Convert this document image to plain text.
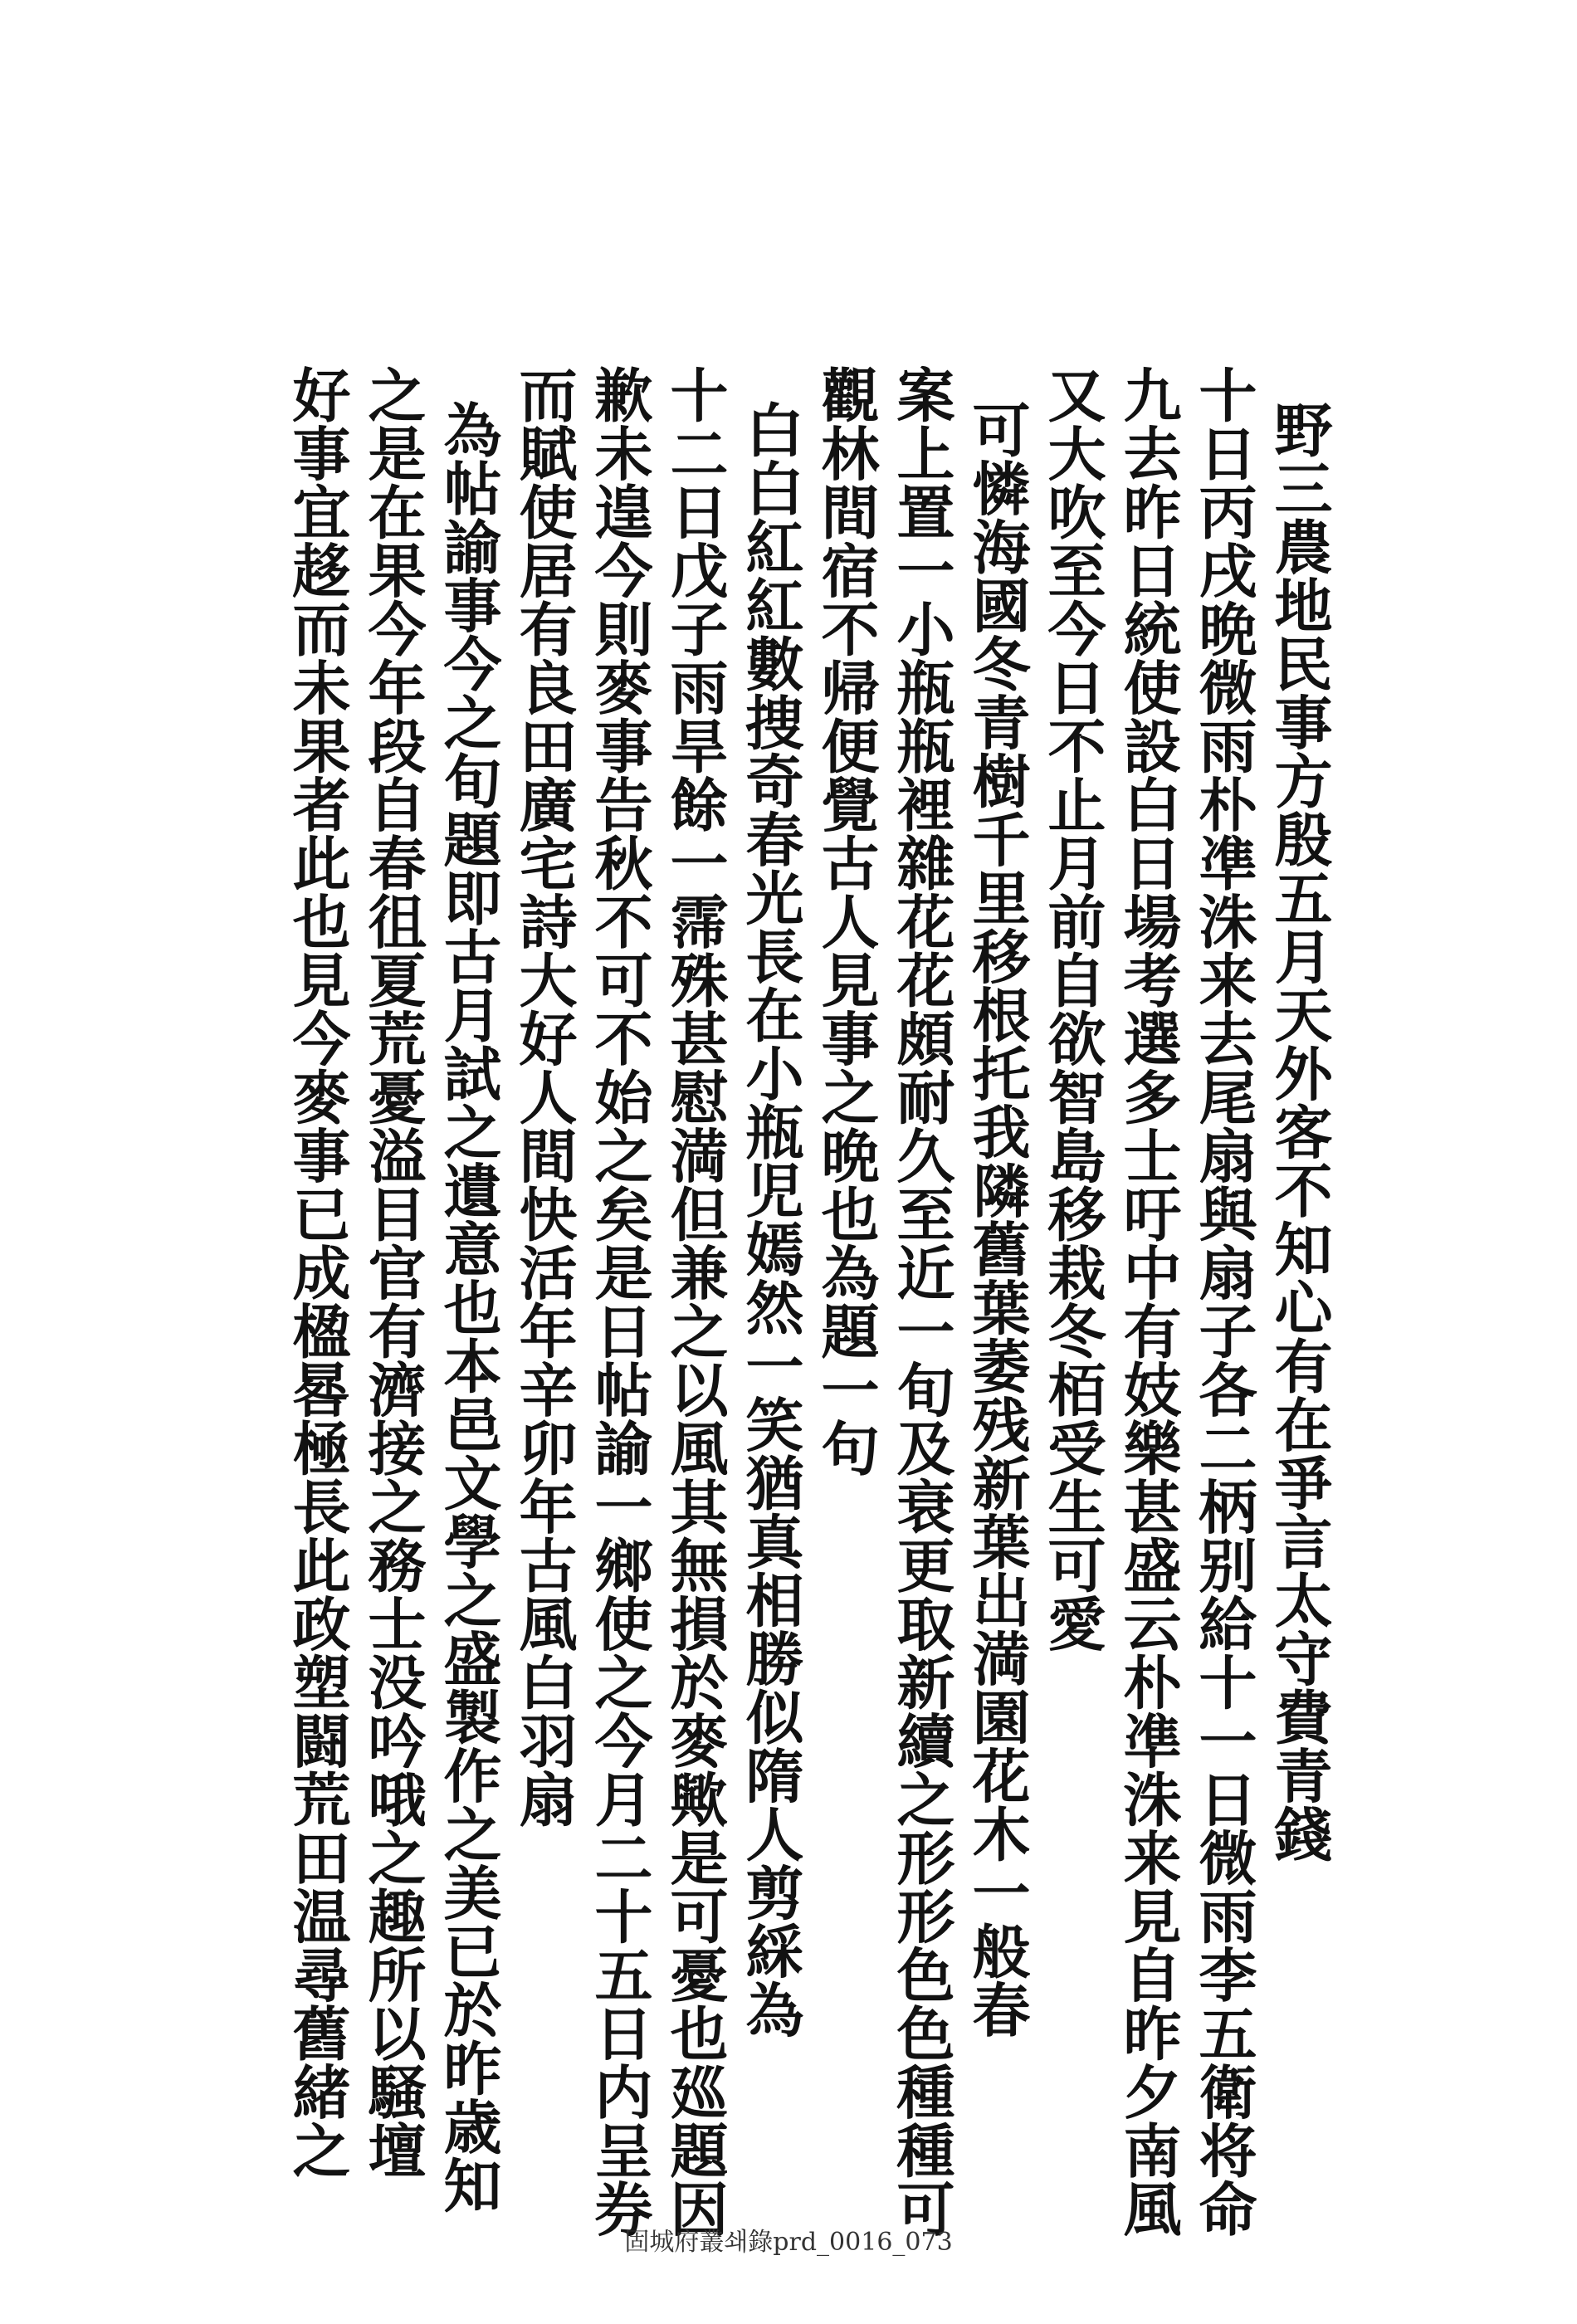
野三農地民事方殷五月天外客不知心有在爭言太守費青錢
十日丙戌晩微雨朴凖洙来去尾扇與扇子各二柄别給十一日微雨李五衛将命
九去昨日統使設白日場考選多士吁中有妓樂甚盛云朴凖洙来見自昨夕南風
又大吹至今日不止月前自欲智島移栽冬栢受生可愛
可憐海國冬青樹千里移根托我隣舊葉萎残新葉出満園花木一般春
案上置一小瓶瓶裡雜花花頗耐久至近一旬及衰更取新續之形形色色種種可
觀林間宿不帰便覺古人見事之晩也為題一句
白白紅紅數捜奇春光長在小瓶児嫣然一笑猶真相勝似隋人剪綵為
十二日戊子雨旱餘一霈殊甚慰満但兼之以風其無損於麥歟是可憂也廵題因
歉未遑今則麥事告秋不可不始之矣是日帖諭一鄉使之今月二十五日内呈券
而賦使居有良田廣宅詩大好人間快活年辛卯年古風白羽扇
為帖諭事今之旬題即古月試之遺意也本邑文學之盛製作之美已於昨歳知
之是在果今年段自春徂夏荒憂溢目官有濟接之務士没吟哦之趣所以騒壇
好事宜趍而未果者此也見今麥事已成楹晷極長此政塑闘荒田温尋舊緒之
固城府叢쇄錄prd_0016_073
